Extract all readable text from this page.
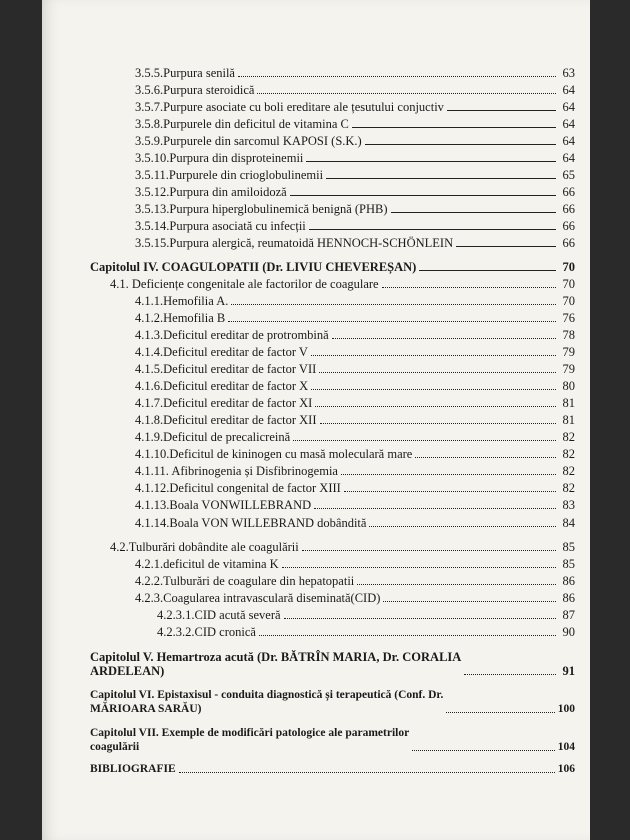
3.5.5.Purpura senilă	63
3.5.6.Purpura steroidică	64
3.5.7.Purpure asociate cu boli ereditare ale țesutului conjuctiv	64
3.5.8.Purpurele din deficitul de vitamina C	64
3.5.9.Purpurele din sarcomul KAPOSI (S.K.)	64
3.5.10.Purpura din disproteinemii	64
3.5.11.Purpurele din crioglobulinemii	65
3.5.12.Purpura din amiloidoză	66
3.5.13.Purpura hiperglobulinemică benignă (PHB)	66
3.5.14.Purpura asociată cu infecții	66
3.5.15.Purpura alergică, reumatoidă HENNOCH-SCHÖNLEIN	66
Capitolul IV. COAGULOPATII (Dr. LIVIU CHEVEREȘAN)	70
4.1. Deficiențe congenitale ale factorilor de coagulare	70
4.1.1.Hemofilia A.	70
4.1.2.Hemofilia B	76
4.1.3.Deficitul ereditar de protrombină	78
4.1.4.Deficitul ereditar de factor V	79
4.1.5.Deficitul ereditar de factor VII	79
4.1.6.Deficitul ereditar de factor X	80
4.1.7.Deficitul ereditar de factor XI	81
4.1.8.Deficitul ereditar de factor XII	81
4.1.9.Deficitul de precalicreină	82
4.1.10.Deficitul de kininogen cu masă moleculară mare	82
4.1.11. Afibrinogenia și Disfibrinogemia	82
4.1.12.Deficitul congenital de factor XIII	82
4.1.13.Boala VONWILLEBRAND	83
4.1.14.Boala VON WILLEBRAND dobândită	84
4.2.Tulburări dobândite ale coagulării	85
4.2.1.deficitul de vitamina K	85
4.2.2.Tulburări de coagulare din hepatopatii	86
4.2.3.Coagularea intravasculară diseminată(CID)	86
4.2.3.1.CID acută severă	87
4.2.3.2.CID cronică	90
Capitolul V. Hemartroza acută (Dr. BĂTRÎN MARIA, Dr. CORALIA
ARDELEAN)	91
Capitolul VI. Epistaxisul - conduita diagnostică și terapeutică (Conf. Dr.
MĂRIOARA SARĂU)	100
Capitolul VII. Exemple de modificări patologice ale parametrilor
coagulării	104
BIBLIOGRAFIE	106
